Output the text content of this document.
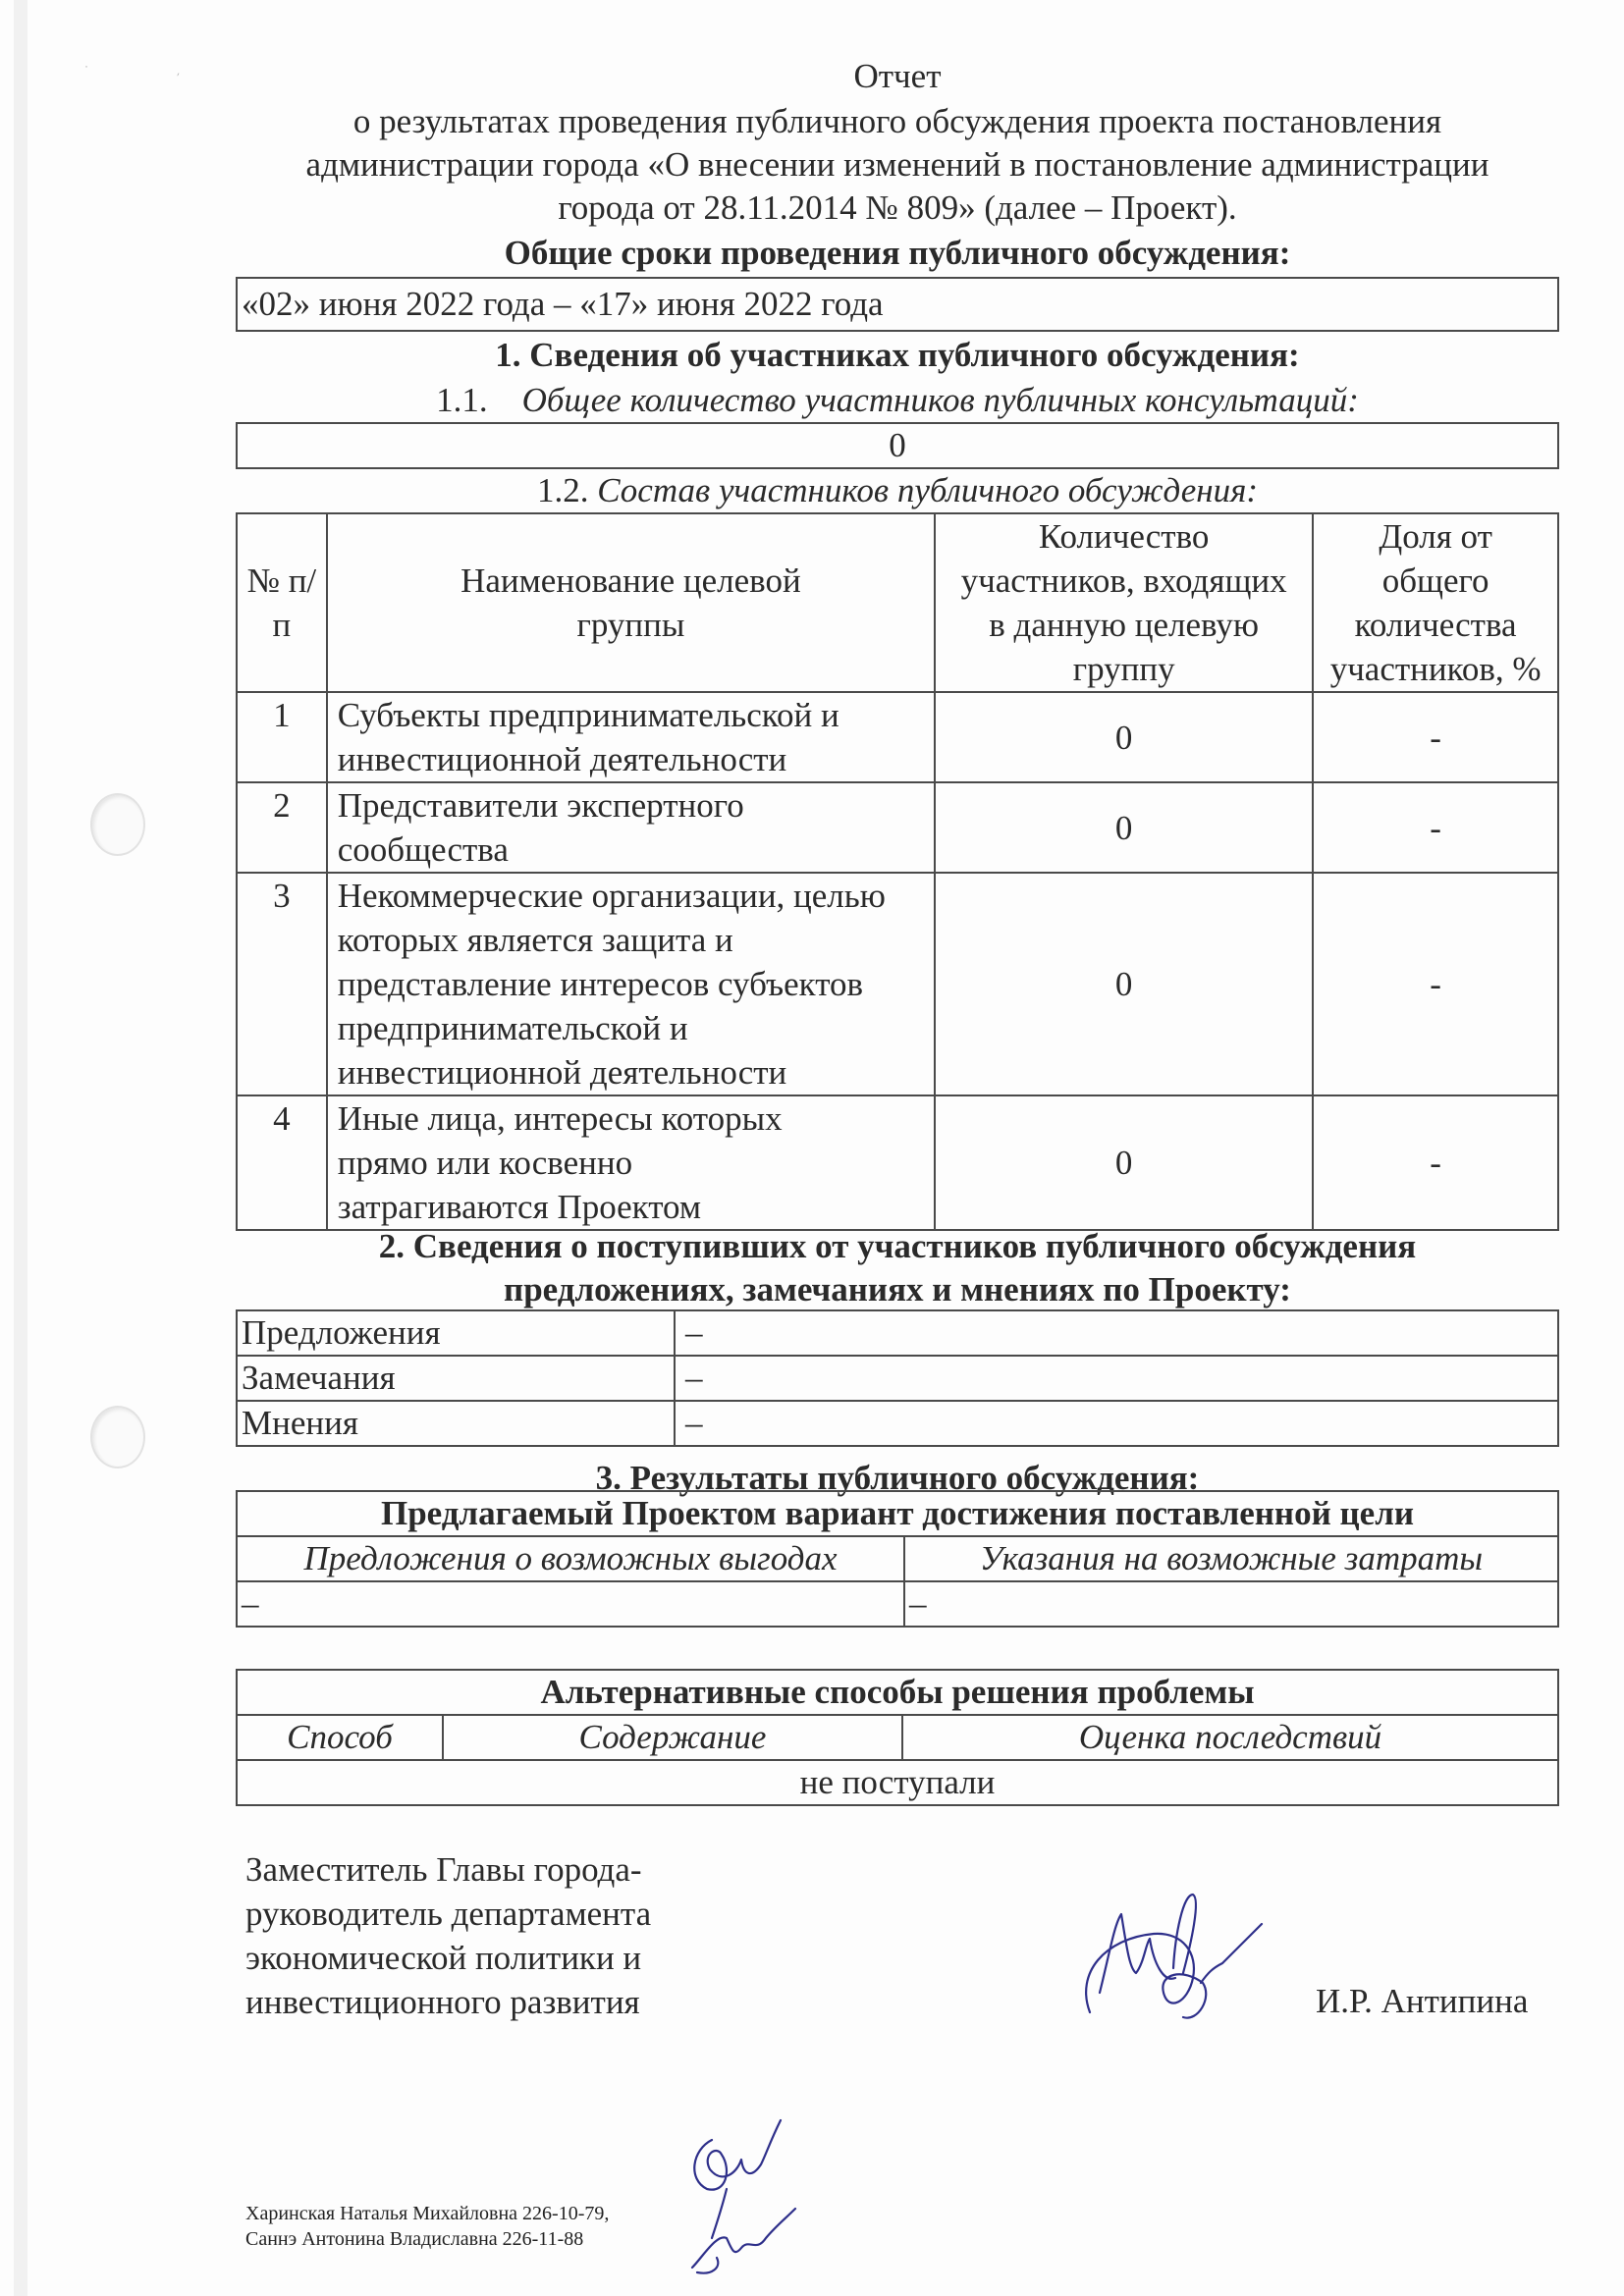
˙	׳	Отчет
о результатах проведения публичного обсуждения проекта постановления
администрации города «О внесении изменений в постановление администрации
города от 28.11.2014 № 809» (далее – Проект).
Общие сроки проведения публичного обсуждения:
«02» июня 2022 года – «17» июня 2022 года
1. Сведения об участниках публичного обсуждения:
1.1. Общее количество участников публичных консультаций:
0
1.2. Состав участников публичного обсуждения:
№ п/п	Наименование целевой группы	Количество участников, входящих в данную целевую группу	Доля от общего количества участников, %
1	Субъекты предпринимательской и инвестиционной деятельности	0	-
2	Представители экспертного сообщества	0	-
3	Некоммерческие организации, целью которых является защита и представление интересов субъектов предпринимательской и инвестиционной деятельности	0	-
4	Иные лица, интересы которых прямо или косвенно затрагиваются Проектом	0	-
2. Сведения о поступивших от участников публичного обсуждения
предложениях, замечаниях и мнениях по Проекту:
Предложения	–
Замечания	–
Мнения	–
3. Результаты публичного обсуждения:
Предлагаемый Проектом вариант достижения поставленной цели	
Предложения о возможных выгодах	Указания на возможные затраты
–	–
Альтернативные способы решения проблемы
Способ	Содержание	Оценка последствий
не поступали
Заместитель Главы города-
руководитель департамента
экономической политики и
инвестиционного развития	И.Р. Антипина
Харинская Наталья Михайловна 226-10-79,
Саннэ Антонина Владиславна 226-11-88
